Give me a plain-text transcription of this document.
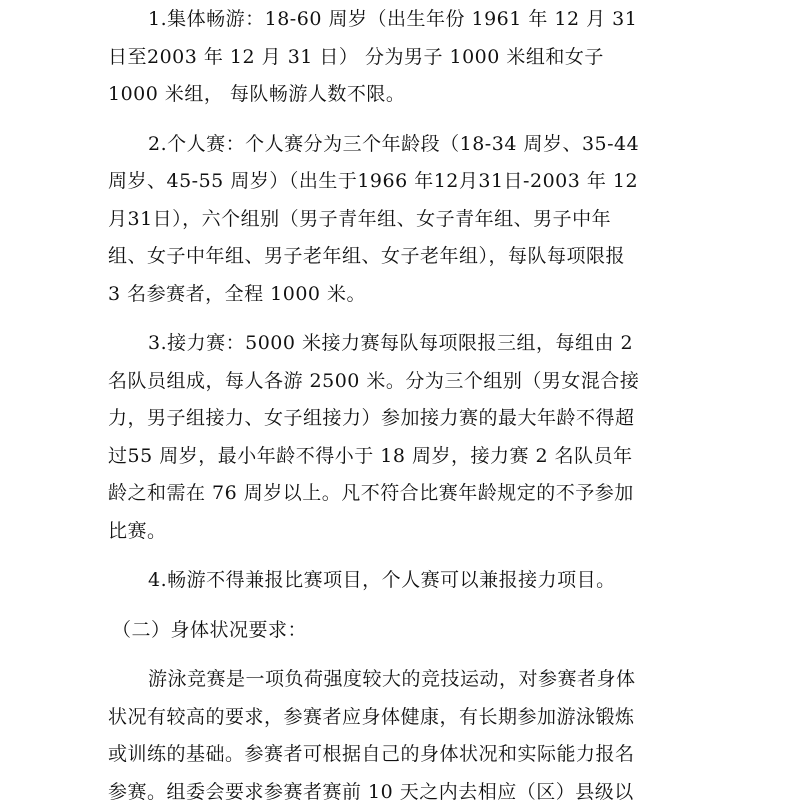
1.集体畅游：18-60 周岁（出生年份 1961 年 12 月 31
日至2003 年 12 月 31 日） 分为男子 1000 米组和女子
1000 米组， 每队畅游人数不限。
2.个人赛：个人赛分为三个年龄段（18-34 周岁、35-44
周岁、45-55 周岁）（出生于1966 年12月31日-2003 年 12
月31日），六个组别（男子青年组、女子青年组、男子中年
组、女子中年组、男子老年组、女子老年组），每队每项限报
3 名参赛者，全程 1000 米。
3.接力赛：5000 米接力赛每队每项限报三组，每组由 2
名队员组成，每人各游 2500 米。分为三个组别（男女混合接
力，男子组接力、女子组接力）参加接力赛的最大年龄不得超
过55 周岁，最小年龄不得小于 18 周岁，接力赛 2 名队员年
龄之和需在 76 周岁以上。凡不符合比赛年龄规定的不予参加
比赛。
4.畅游不得兼报比赛项目，个人赛可以兼报接力项目。
（二）身体状况要求：
游泳竞赛是一项负荷强度较大的竞技运动，对参赛者身体
状况有较高的要求，参赛者应身体健康，有长期参加游泳锻炼
或训练的基础。参赛者可根据自己的身体状况和实际能力报名
参赛。组委会要求参赛者赛前 10 天之内去相应（区）县级以
